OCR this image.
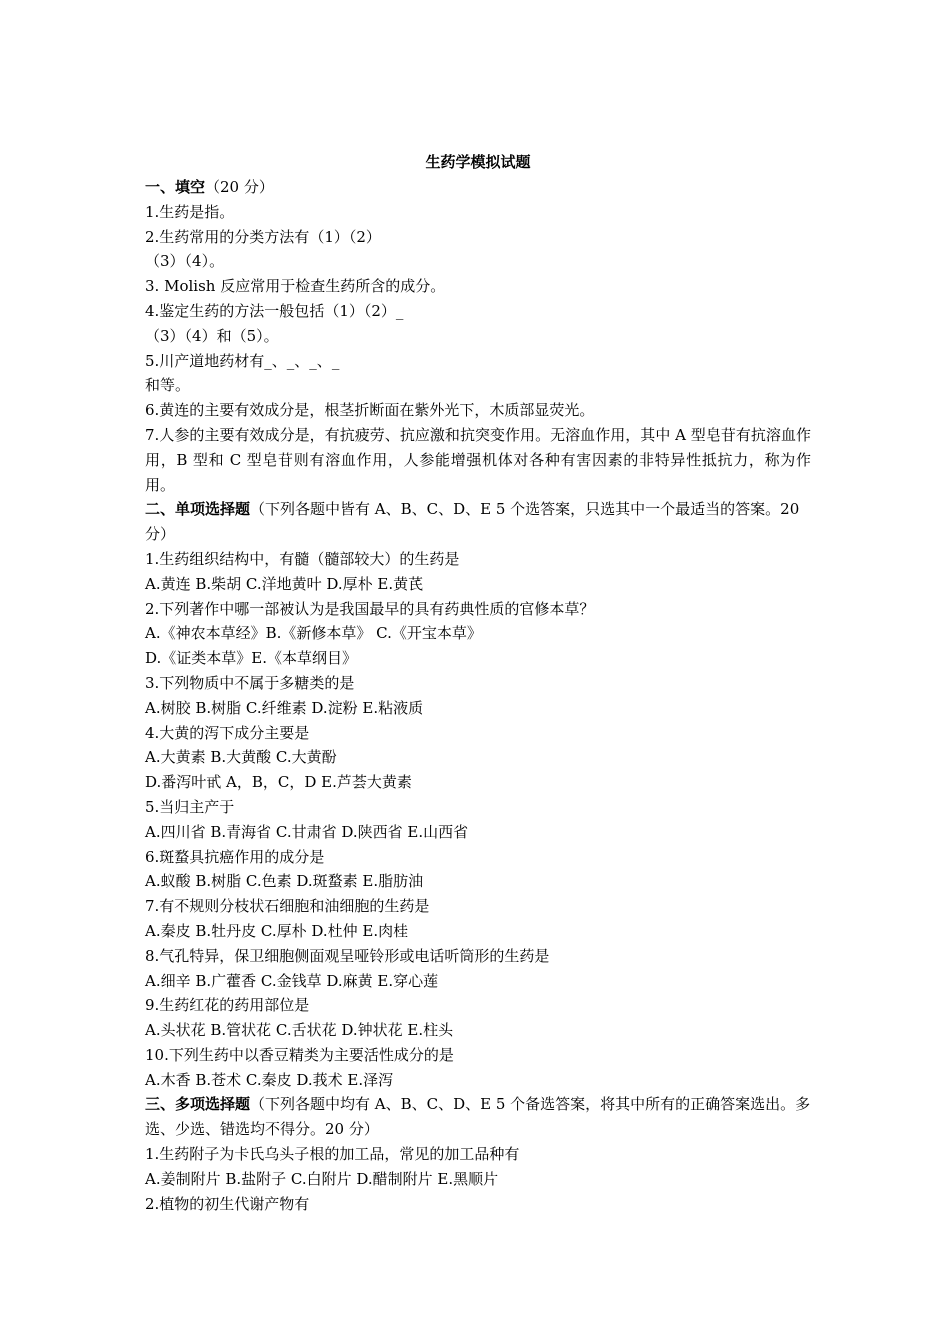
生药学模拟试题
一、填空（20 分）
1.生药是指。
2.生药常用的分类方法有（1）（2）
（3）（4）。
3. Molish 反应常用于检查生药所含的成分。
4.鉴定生药的方法一般包括（1）（2）_
（3）（4）和（5）。
5.川产道地药材有_、_、_、_
和等。
6.黄连的主要有效成分是，根茎折断面在紫外光下，木质部显荧光。
7.人参的主要有效成分是，有抗疲劳、抗应激和抗突变作用。无溶血作用，其中 A 型皂苷有抗溶血作用，B 型和 C 型皂苷则有溶血作用，人参能增强机体对各种有害因素的非特异性抵抗力，称为作用。
二、单项选择题（下列各题中皆有 A、B、C、D、E 5 个选答案，只选其中一个最适当的答案。20 分）
1.生药组织结构中，有髓（髓部较大）的生药是
A.黄连 B.柴胡 C.洋地黄叶 D.厚朴 E.黄芪
2.下列著作中哪一部被认为是我国最早的具有药典性质的官修本草？
A.《神农本草经》B.《新修本草》 C.《开宝本草》
D.《证类本草》E.《本草纲目》
3.下列物质中不属于多糖类的是
A.树胶 B.树脂 C.纤维素 D.淀粉 E.粘液质
4.大黄的泻下成分主要是
A.大黄素 B.大黄酸 C.大黄酚
D.番泻叶甙 A，B，C，D E.芦荟大黄素
5.当归主产于
A.四川省 B.青海省 C.甘肃省 D.陕西省 E.山西省
6.斑蝥具抗癌作用的成分是
A.蚁酸 B.树脂 C.色素 D.斑蝥素 E.脂肪油
7.有不规则分枝状石细胞和油细胞的生药是
A.秦皮 B.牡丹皮 C.厚朴 D.杜仲 E.肉桂
8.气孔特异，保卫细胞侧面观呈哑铃形或电话听筒形的生药是
A.细辛 B.广藿香 C.金钱草 D.麻黄 E.穿心莲
9.生药红花的药用部位是
A.头状花 B.管状花 C.舌状花 D.钟状花 E.柱头
10.下列生药中以香豆精类为主要活性成分的是
A.木香 B.苍术 C.秦皮 D.莪术 E.泽泻
三、多项选择题（下列各题中均有 A、B、C、D、E 5 个备选答案，将其中所有的正确答案选出。多选、少选、错选均不得分。20 分）
1.生药附子为卡氏乌头子根的加工品，常见的加工品种有
A.姜制附片 B.盐附子 C.白附片 D.醋制附片 E.黑顺片
2.植物的初生代谢产物有
